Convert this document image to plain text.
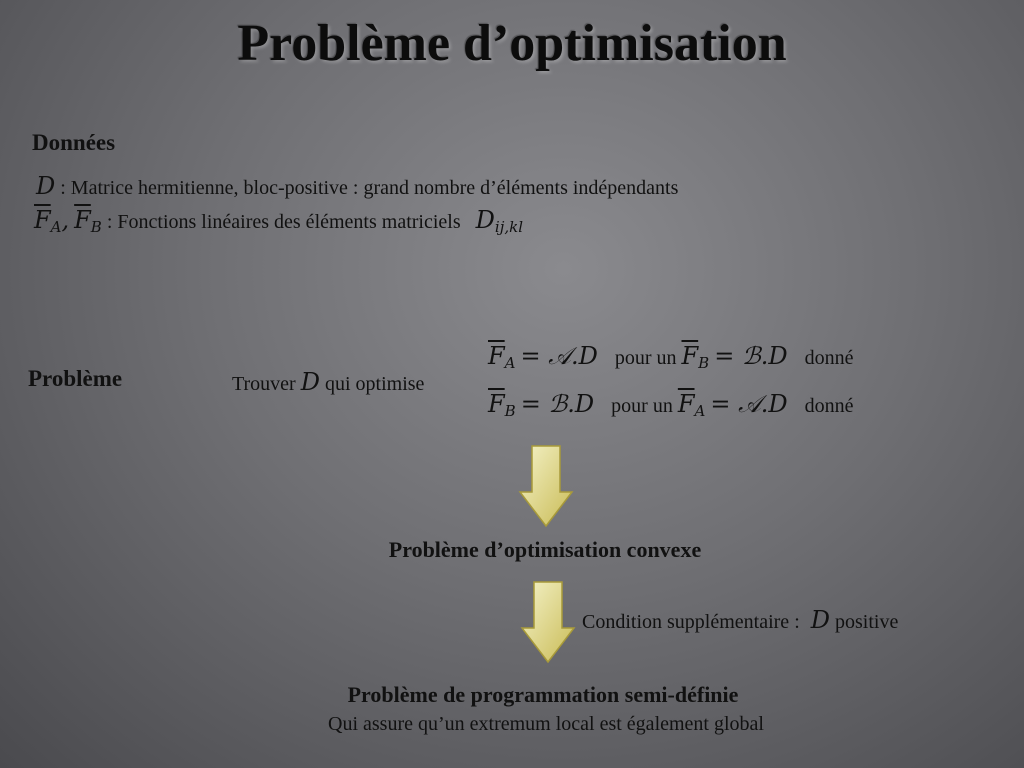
Problème d’optimisation
Données
D : Matrice hermitienne, bloc-positive : grand nombre d’éléments indépendants
$\overline{F}_A$, $\overline{F}_B$ : Fonctions linéaires des éléments matriciels $D_{ij,kl}$
Problème	Trouver D qui optimise
$\overline{F}_A$ = 𝒜.D pour un $\overline{F}_B$ = ℬ.D donné
$\overline{F}_B$ = ℬ.D pour un $\overline{F}_A$ = 𝒜.D donné
Problème d’optimisation convexe
Condition supplémentaire : D positive
Problème de programmation semi-définie
Qui assure qu’un extremum local est également global
